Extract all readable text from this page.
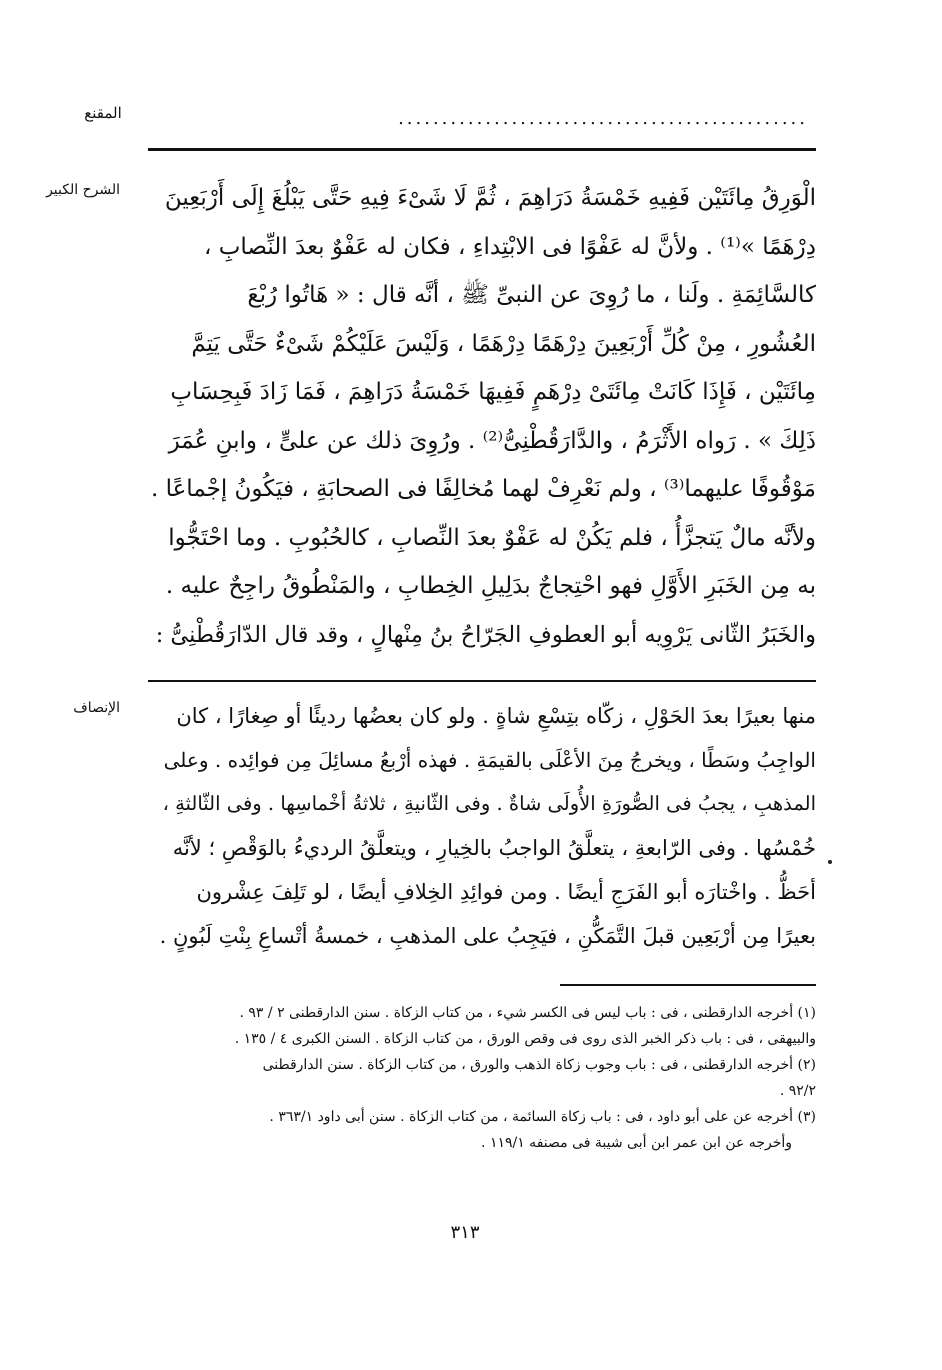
المقنع	...............................................
الشرح الكبير	الْوَرِقُ مِائَتَيْن فَفِيهِ خَمْسَةُ دَرَاهِمَ ، ثُمَّ لَا شَىْءَ فِيهِ حَتَّى يَبْلُغَ إِلَى أَرْبَعِينَ
دِرْهَمًا »⁽¹⁾ . ولأنَّ له عَفْوًا فى الابْتِداءِ ، فكان له عَفْوٌ بعدَ النِّصابِ ،
كالسَّائِمَةِ . ولَنا ، ما رُوِىَ عن النبىِّ ﷺ ، أنَّه قال : « هَاتُوا رُبْعَ
العُشُورِ ، مِنْ كُلِّ أَرْبَعِينَ دِرْهَمًا دِرْهَمًا ، وَلَيْسَ عَلَيْكُمْ شَىْءٌ حَتَّى يَتِمَّ
مِائَتَيْن ، فَإِذَا كَانَتْ مِائَتَىْ دِرْهَمٍ فَفِيهَا خَمْسَةُ دَرَاهِمَ ، فَمَا زَادَ فَبِحِسَابِ
ذَلِكَ » . رَواه الأَثْرَمُ ، والدَّارَقُطْنِىُّ⁽²⁾ . ورُوِىَ ذلك عن علىٍّ ، وابنِ عُمَرَ
مَوْقُوفًا عليهما⁽³⁾ ، ولم نَعْرِفْ لهما مُخالِفًا فى الصحابَةِ ، فيَكُونُ إجْماعًا .
ولأنَّه مالٌ يَتجزَّأُ ، فلم يَكُنْ له عَفْوٌ بعدَ النِّصابِ ، كالحُبُوبِ . وما احْتَجُّوا
به مِن الخَبَرِ الأَوَّلِ فهو احْتِجاجٌ بدَلِيلِ الخِطابِ ، والمَنْطُوقُ راجِحٌ عليه .
والخَبَرُ الثّانى يَرْوِيه أبو العطوفِ الجَرّاحُ بنُ مِنْهالٍ ، وقد قال الدّارَقُطْنِىُّ :
الإنصاف	منها بعيرًا بعدَ الحَوْلِ ، زكّاه بتِسْعِ شاةٍ . ولو كان بعضُها رديئًا أو صِغارًا ، كان
الواجِبُ وسَطًا ، ويخرجُ مِنَ الأعْلَى بالقيمَةِ . فهذه أرْبعُ مسائِلَ مِن فوائِده . وعلى
المذهبِ ، يجبُ فى الصُّورَةِ الأُولَى شاةٌ . وفى الثّانيةِ ، ثلاثةُ أخْماسِها . وفى الثّالثةِ ،
خُمْسُها . وفى الرّابعةِ ، يتعلَّقُ الواجبُ بالخِيارِ ، ويتعلَّقُ الرديءُ بالوَقْصِ ؛ لأنَّه
أحَظُّ . واخْتارَه أبو الفَرَجِ أيضًا . ومن فوائِدِ الخِلافِ أيضًا ، لو تَلِفَ عِشْرون
بعيرًا مِن أرْبَعِين قبلَ التَّمَكُّنِ ، فيَجِبُ على المذهبِ ، خمسةُ أتْساعِ بِنْتِ لَبُونٍ .
(١) أخرجه الدارقطنى ، فى : باب ليس فى الكسر شيء ، من كتاب الزكاة . سنن الدارقطنى ٢ / ٩٣ .
والبيهقى ، فى : باب ذكر الخبر الذى روى فى وقص الورق ، من كتاب الزكاة . السنن الكبرى ٤ / ١٣٥ .
(٢) أخرجه الدارقطنى ، فى : باب وجوب زكاة الذهب والورق ، من كتاب الزكاة . سنن الدارقطنى
٩٢/٢ .
(٣) أخرجه عن على أبو داود ، فى : باب زكاة السائمة ، من كتاب الزكاة . سنن أبى داود ٣٦٣/١ .
وأخرجه عن ابن عمر ابن أبى شيبة فى مصنفه ١١٩/١ .
٣١٣
